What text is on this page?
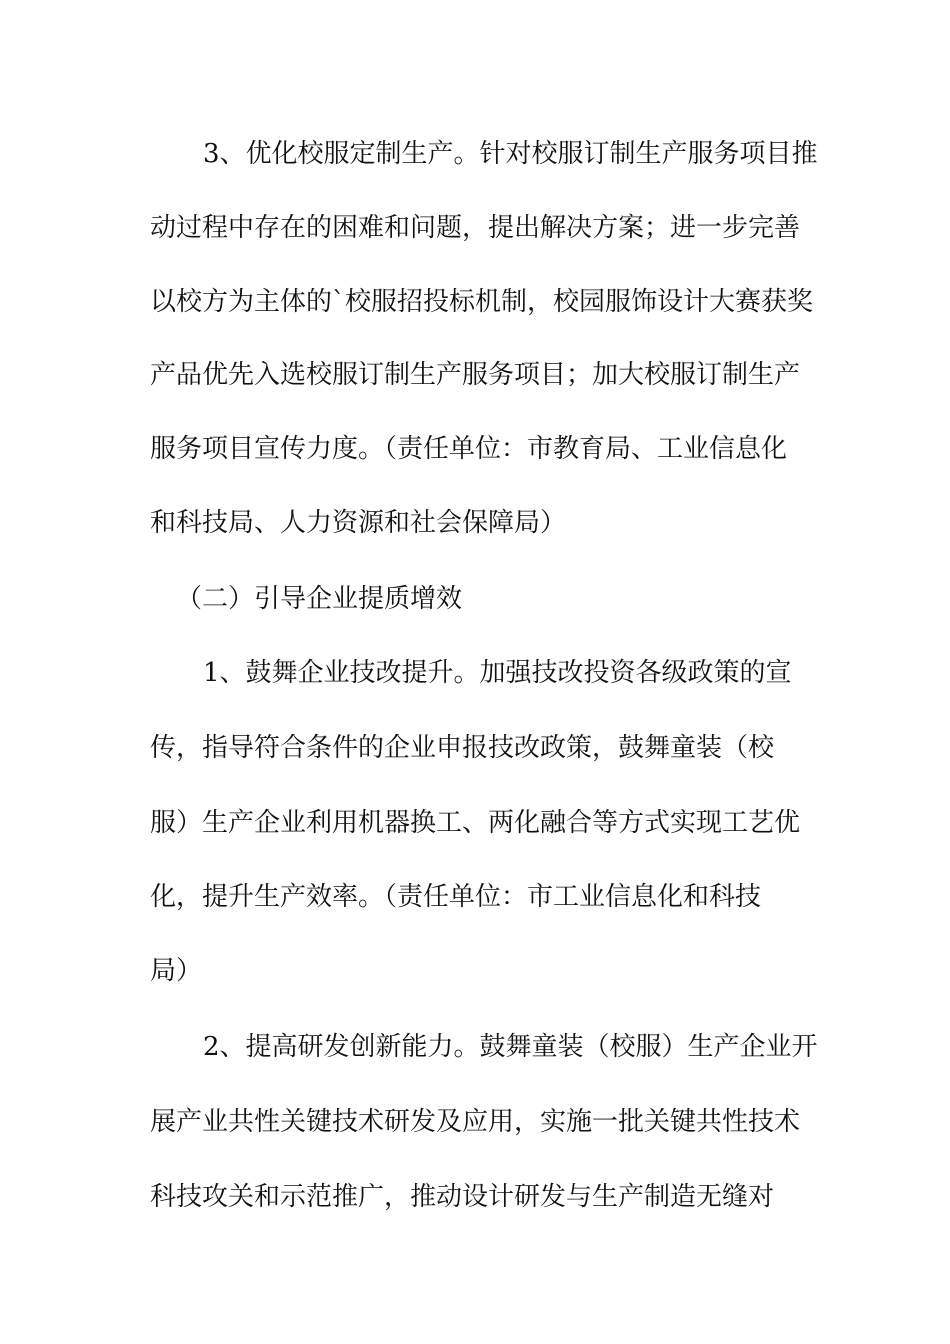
3、优化校服定制生产。针对校服订制生产服务项目推
动过程中存在的困难和问题，提出解决方案；进一步完善
以校方为主体的`校服招投标机制，校园服饰设计大赛获奖
产品优先入选校服订制生产服务项目；加大校服订制生产
服务项目宣传力度。（责任单位：市教育局、工业信息化
和科技局、人力资源和社会保障局）
（二）引导企业提质增效
1、鼓舞企业技改提升。加强技改投资各级政策的宣
传，指导符合条件的企业申报技改政策，鼓舞童装（校
服）生产企业利用机器换工、两化融合等方式实现工艺优
化，提升生产效率。（责任单位：市工业信息化和科技
局）
2、提高研发创新能力。鼓舞童装（校服）生产企业开
展产业共性关键技术研发及应用，实施一批关键共性技术
科技攻关和示范推广，推动设计研发与生产制造无缝对
